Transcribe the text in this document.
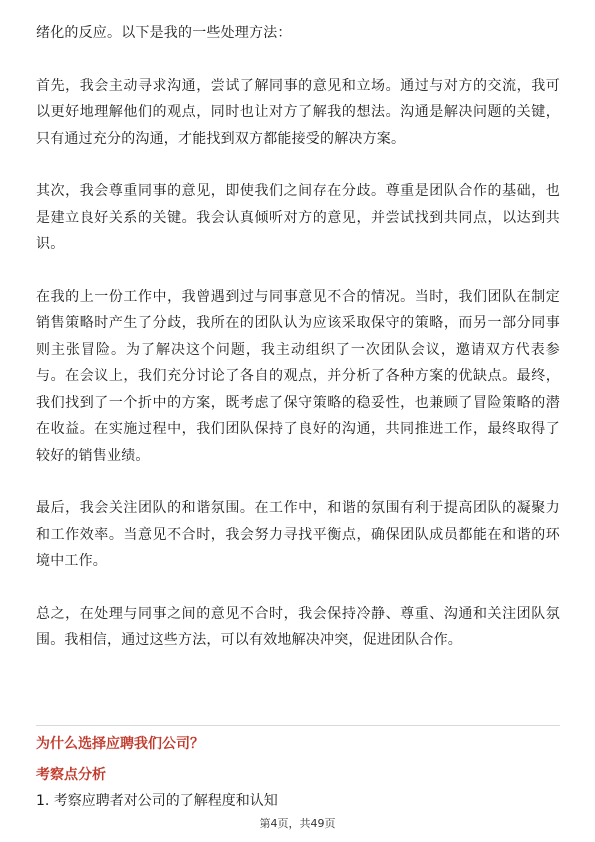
绪化的反应。以下是我的一些处理方法：

首先，我会主动寻求沟通，尝试了解同事的意见和立场。通过与对方的交流，我可以更好地理解他们的观点，同时也让对方了解我的想法。沟通是解决问题的关键，只有通过充分的沟通，才能找到双方都能接受的解决方案。

其次，我会尊重同事的意见，即使我们之间存在分歧。尊重是团队合作的基础，也是建立良好关系的关键。我会认真倾听对方的意见，并尝试找到共同点，以达到共识。

在我的上一份工作中，我曾遇到过与同事意见不合的情况。当时，我们团队在制定销售策略时产生了分歧，我所在的团队认为应该采取保守的策略，而另一部分同事则主张冒险。为了解决这个问题，我主动组织了一次团队会议，邀请双方代表参与。在会议上，我们充分讨论了各自的观点，并分析了各种方案的优缺点。最终，我们找到了一个折中的方案，既考虑了保守策略的稳妥性，也兼顾了冒险策略的潜在收益。在实施过程中，我们团队保持了良好的沟通，共同推进工作，最终取得了较好的销售业绩。

最后，我会关注团队的和谐氛围。在工作中，和谐的氛围有利于提高团队的凝聚力和工作效率。当意见不合时，我会努力寻找平衡点，确保团队成员都能在和谐的环境中工作。

总之，在处理与同事之间的意见不合时，我会保持冷静、尊重、沟通和关注团队氛围。我相信，通过这些方法，可以有效地解决冲突，促进团队合作。

为什么选择应聘我们公司？
考察点分析
1. 考察应聘者对公司的了解程度和认知
第4页，共49页
